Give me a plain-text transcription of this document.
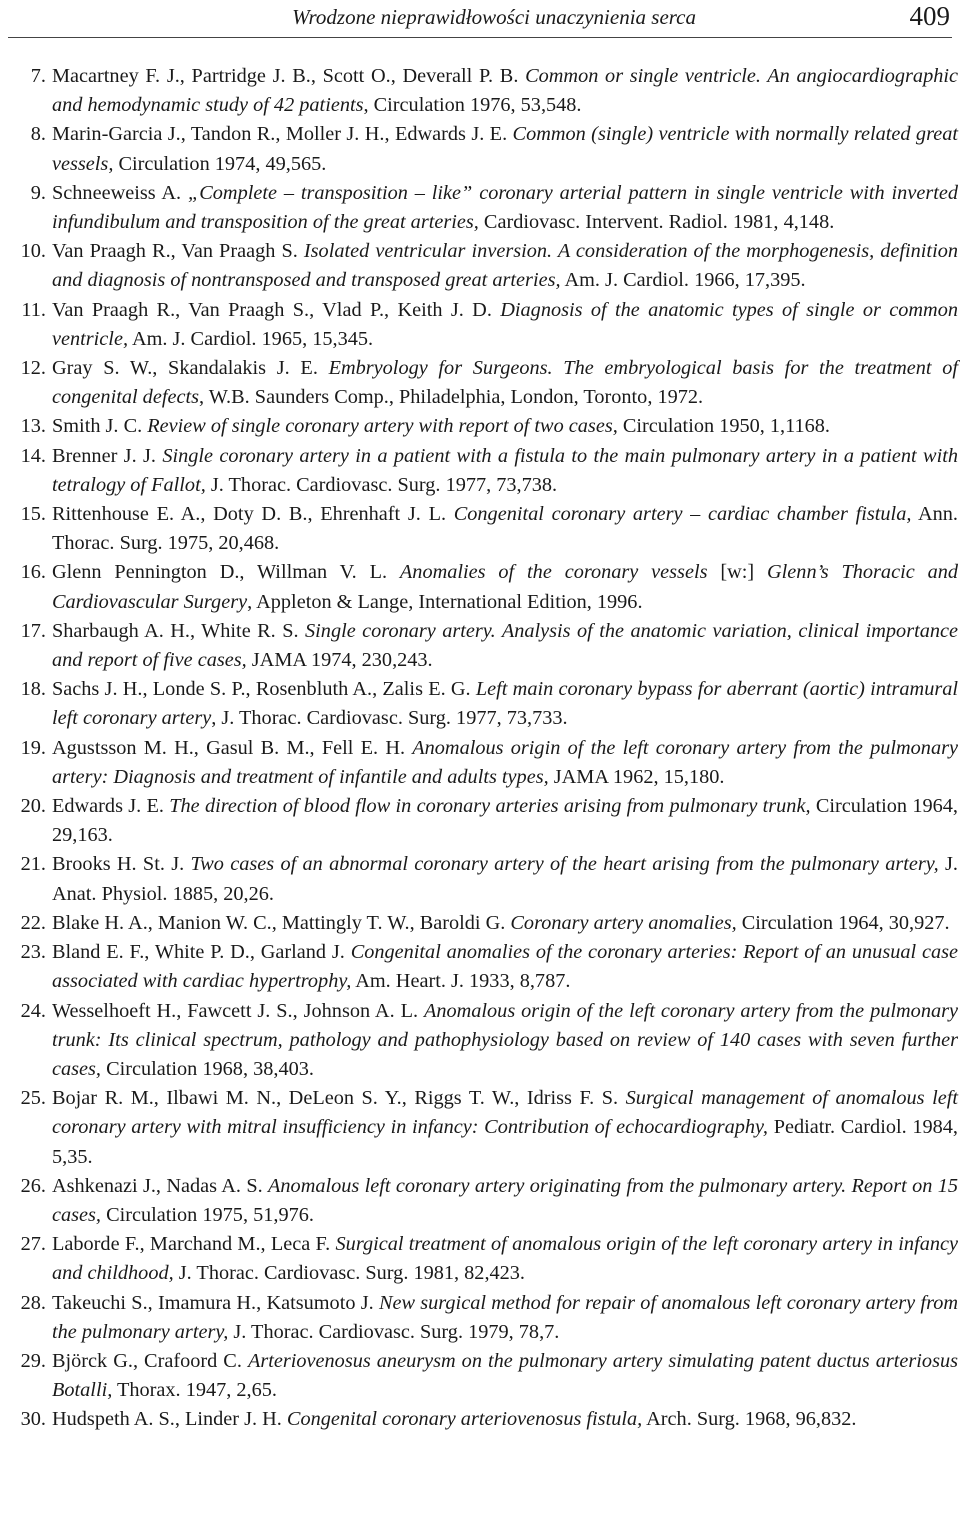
Wrodzone nieprawidłowości unaczynienia serca	409
7. Macartney F. J., Partridge J. B., Scott O., Deverall P. B. Common or single ventricle. An angiocardiographic and hemodynamic study of 42 patients, Circulation 1976, 53,548.
8. Marin-Garcia J., Tandon R., Moller J. H., Edwards J. E. Common (single) ventricle with normally related great vessels, Circulation 1974, 49,565.
9. Schneeweiss A. „Complete – transposition – like” coronary arterial pattern in single ventricle with inverted infundibulum and transposition of the great arteries, Cardiovasc. Intervent. Radiol. 1981, 4,148.
10. Van Praagh R., Van Praagh S. Isolated ventricular inversion. A consideration of the morphogenesis, definition and diagnosis of nontransposed and transposed great arteries, Am. J. Cardiol. 1966, 17,395.
11. Van Praagh R., Van Praagh S., Vlad P., Keith J. D. Diagnosis of the anatomic types of single or common ventricle, Am. J. Cardiol. 1965, 15,345.
12. Gray S. W., Skandalakis J. E. Embryology for Surgeons. The embryological basis for the treatment of congenital defects, W.B. Saunders Comp., Philadelphia, London, Toronto, 1972.
13. Smith J. C. Review of single coronary artery with report of two cases, Circulation 1950, 1,1168.
14. Brenner J. J. Single coronary artery in a patient with a fistula to the main pulmonary artery in a patient with tetralogy of Fallot, J. Thorac. Cardiovasc. Surg. 1977, 73,738.
15. Rittenhouse E. A., Doty D. B., Ehrenhaft J. L. Congenital coronary artery – cardiac chamber fistula, Ann. Thorac. Surg. 1975, 20,468.
16. Glenn Pennington D., Willman V. L. Anomalies of the coronary vessels [w:] Glenn’s Thoracic and Cardiovascular Surgery, Appleton & Lange, International Edition, 1996.
17. Sharbaugh A. H., White R. S. Single coronary artery. Analysis of the anatomic variation, clinical importance and report of five cases, JAMA 1974, 230,243.
18. Sachs J. H., Londe S. P., Rosenbluth A., Zalis E. G. Left main coronary bypass for aberrant (aortic) intramural left coronary artery, J. Thorac. Cardiovasc. Surg. 1977, 73,733.
19. Agustsson M. H., Gasul B. M., Fell E. H. Anomalous origin of the left coronary artery from the pulmonary artery: Diagnosis and treatment of infantile and adults types, JAMA 1962, 15,180.
20. Edwards J. E. The direction of blood flow in coronary arteries arising from pulmonary trunk, Circulation 1964, 29,163.
21. Brooks H. St. J. Two cases of an abnormal coronary artery of the heart arising from the pulmonary artery, J. Anat. Physiol. 1885, 20,26.
22. Blake H. A., Manion W. C., Mattingly T. W., Baroldi G. Coronary artery anomalies, Circulation 1964, 30,927.
23. Bland E. F., White P. D., Garland J. Congenital anomalies of the coronary arteries: Report of an unusual case associated with cardiac hypertrophy, Am. Heart. J. 1933, 8,787.
24. Wesselhoeft H., Fawcett J. S., Johnson A. L. Anomalous origin of the left coronary artery from the pulmonary trunk: Its clinical spectrum, pathology and pathophysiology based on review of 140 cases with seven further cases, Circulation 1968, 38,403.
25. Bojar R. M., Ilbawi M. N., DeLeon S. Y., Riggs T. W., Idriss F. S. Surgical management of anomalous left coronary artery with mitral insufficiency in infancy: Contribution of echocardiography, Pediatr. Cardiol. 1984, 5,35.
26. Ashkenazi J., Nadas A. S. Anomalous left coronary artery originating from the pulmonary artery. Report on 15 cases, Circulation 1975, 51,976.
27. Laborde F., Marchand M., Leca F. Surgical treatment of anomalous origin of the left coronary artery in infancy and childhood, J. Thorac. Cardiovasc. Surg. 1981, 82,423.
28. Takeuchi S., Imamura H., Katsumoto J. New surgical method for repair of anomalous left coronary artery from the pulmonary artery, J. Thorac. Cardiovasc. Surg. 1979, 78,7.
29. Björck G., Crafoord C. Arteriovenosus aneurysm on the pulmonary artery simulating patent ductus arteriosus Botalli, Thorax. 1947, 2,65.
30. Hudspeth A. S., Linder J. H. Congenital coronary arteriovenosus fistula, Arch. Surg. 1968, 96,832.
